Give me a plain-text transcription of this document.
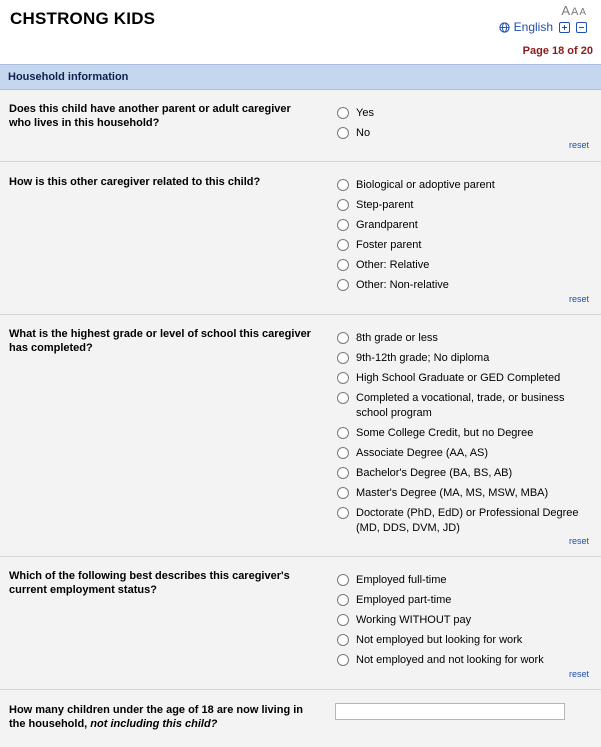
CHSTRONG KIDS	AAA
English
Page 18 of 20
Household information
Does this child have another parent or adult caregiver who lives in this household?
Yes
No
reset
How is this other caregiver related to this child?	Biological or adoptive parent
Step-parent
Grandparent
Foster parent
Other: Relative
Other: Non-relative
reset
What is the highest grade or level of school this caregiver has completed?
8th grade or less
9th-12th grade; No diploma
High School Graduate or GED Completed
Completed a vocational, trade, or business school program
Some College Credit, but no Degree
Associate Degree (AA, AS)
Bachelor's Degree (BA, BS, AB)
Master's Degree (MA, MS, MSW, MBA)
Doctorate (PhD, EdD) or Professional Degree (MD, DDS, DVM, JD)
reset
Which of the following best describes this caregiver's current employment status?
Employed full-time
Employed part-time
Working WITHOUT pay
Not employed but looking for work
Not employed and not looking for work
reset
How many children under the age of 18 are now living in the household, not including this child?
